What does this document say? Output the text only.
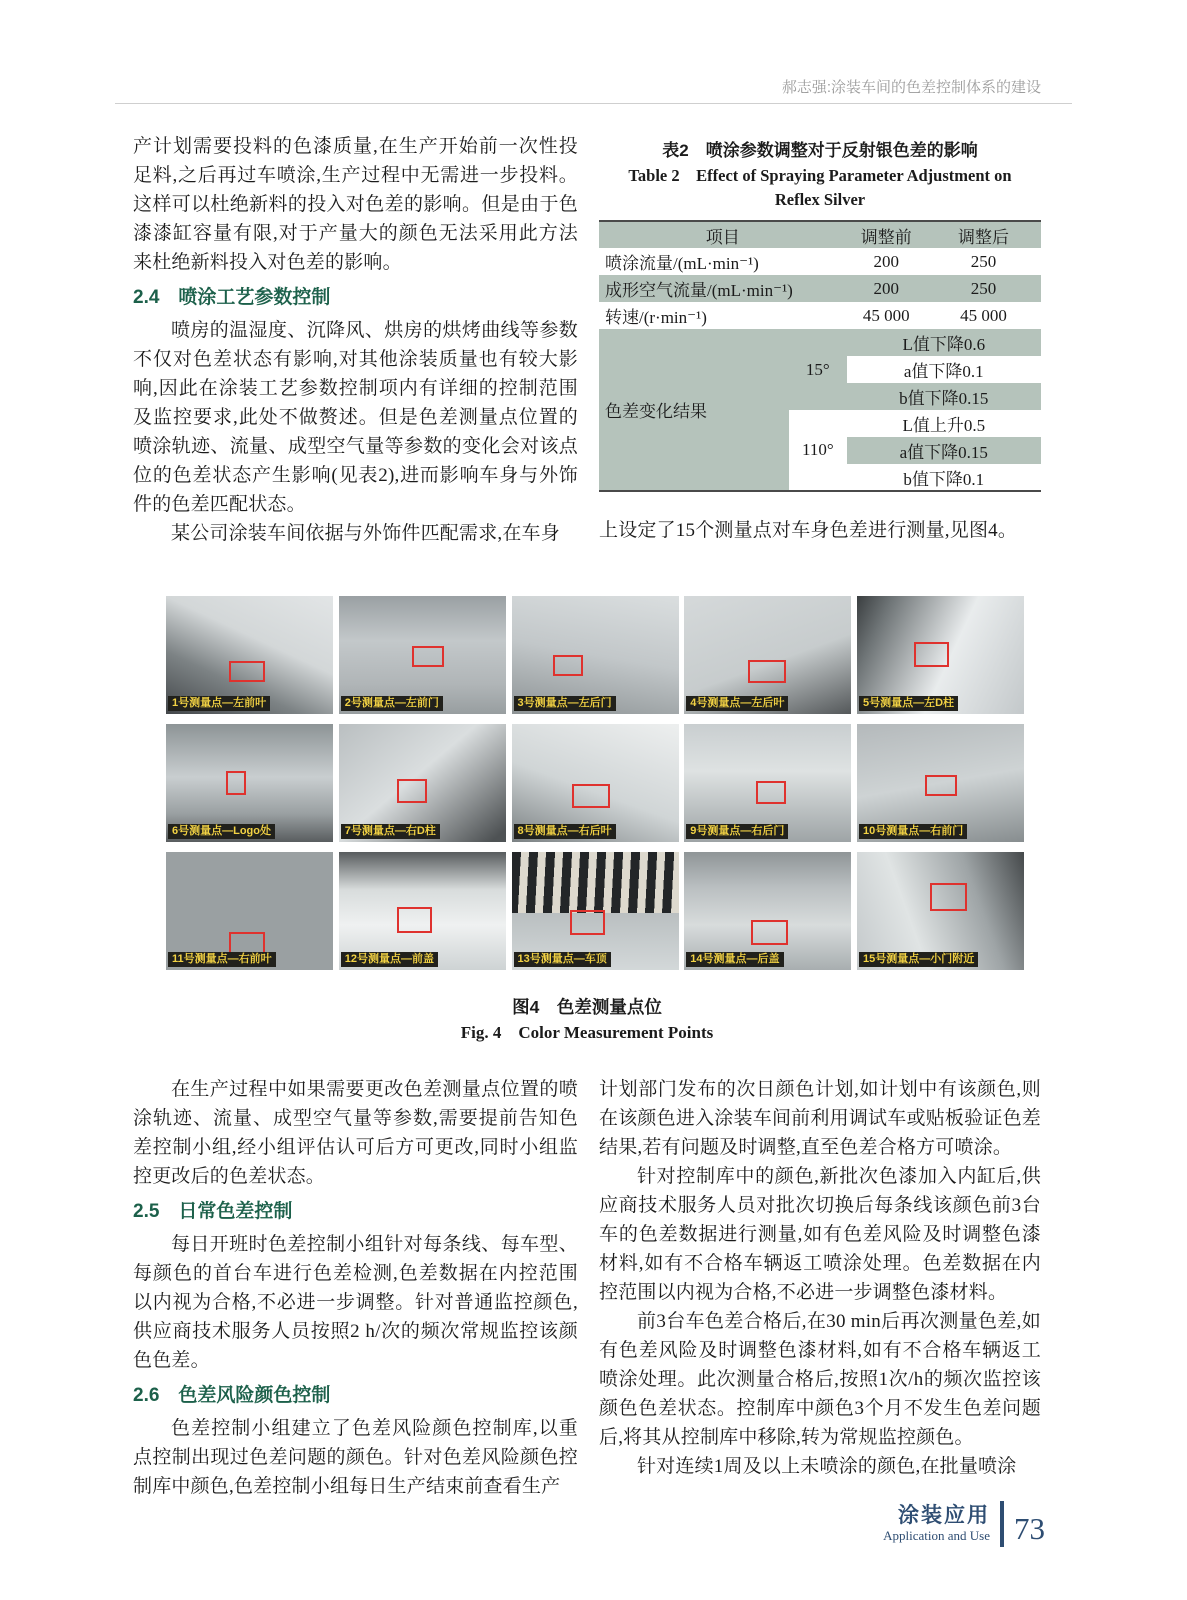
郝志强:涂装车间的色差控制体系的建设

产计划需要投料的色漆质量,在生产开始前一次性投足料,之后再过车喷涂,生产过程中无需进一步投料。这样可以杜绝新料的投入对色差的影响。但是由于色漆漆缸容量有限,对于产量大的颜色无法采用此方法来杜绝新料投入对色差的影响。

2.4　喷涂工艺参数控制

喷房的温湿度、沉降风、烘房的烘烤曲线等参数不仅对色差状态有影响,对其他涂装质量也有较大影响,因此在涂装工艺参数控制项内有详细的控制范围及监控要求,此处不做赘述。但是色差测量点位置的喷涂轨迹、流量、成型空气量等参数的变化会对该点位的色差状态产生影响(见表2),进而影响车身与外饰件的色差匹配状态。

某公司涂装车间依据与外饰件匹配需求,在车身

表2　喷涂参数调整对于反射银色差的影响
Table 2　Effect of Spraying Parameter Adjustment on
Reflex Silver
项目		调整前	调整后
喷涂流量/(mL·min⁻¹)		200	250
成形空气流量/(mL·min⁻¹)		200	250
转速/(r·min⁻¹)		45 000	45 000
色差变化结果	15°	L值下降0.6	
		a值下降0.1	
		b值下降0.15	
	110°	L值上升0.5	
		a值下降0.15	
		b值下降0.1	

上设定了15个测量点对车身色差进行测量,见图4。

1号测量点—左前叶	2号测量点—左前门	3号测量点—左后门	4号测量点—左后叶	5号测量点—左D柱
6号测量点—Logo处	7号测量点—右D柱	8号测量点—右后叶	9号测量点—右后门	10号测量点—右前门
11号测量点—右前叶	12号测量点—前盖	13号测量点—车顶	14号测量点—后盖	15号测量点—小门附近
图4　色差测量点位
Fig. 4　Color Measurement Points

在生产过程中如果需要更改色差测量点位置的喷涂轨迹、流量、成型空气量等参数,需要提前告知色差控制小组,经小组评估认可后方可更改,同时小组监控更改后的色差状态。

2.5　日常色差控制

每日开班时色差控制小组针对每条线、每车型、每颜色的首台车进行色差检测,色差数据在内控范围以内视为合格,不必进一步调整。针对普通监控颜色,供应商技术服务人员按照2 h/次的频次常规监控该颜色色差。

2.6　色差风险颜色控制

色差控制小组建立了色差风险颜色控制库,以重点控制出现过色差问题的颜色。针对色差风险颜色控制库中颜色,色差控制小组每日生产结束前查看生产

计划部门发布的次日颜色计划,如计划中有该颜色,则在该颜色进入涂装车间前利用调试车或贴板验证色差结果,若有问题及时调整,直至色差合格方可喷涂。

针对控制库中的颜色,新批次色漆加入内缸后,供应商技术服务人员对批次切换后每条线该颜色前3台车的色差数据进行测量,如有色差风险及时调整色漆材料,如有不合格车辆返工喷涂处理。色差数据在内控范围以内视为合格,不必进一步调整色漆材料。

前3台车色差合格后,在30 min后再次测量色差,如有色差风险及时调整色漆材料,如有不合格车辆返工喷涂处理。此次测量合格后,按照1次/h的频次监控该颜色色差状态。控制库中颜色3个月不发生色差问题后,将其从控制库中移除,转为常规监控颜色。

针对连续1周及以上未喷涂的颜色,在批量喷涂

涂装应用
Application and Use 73
